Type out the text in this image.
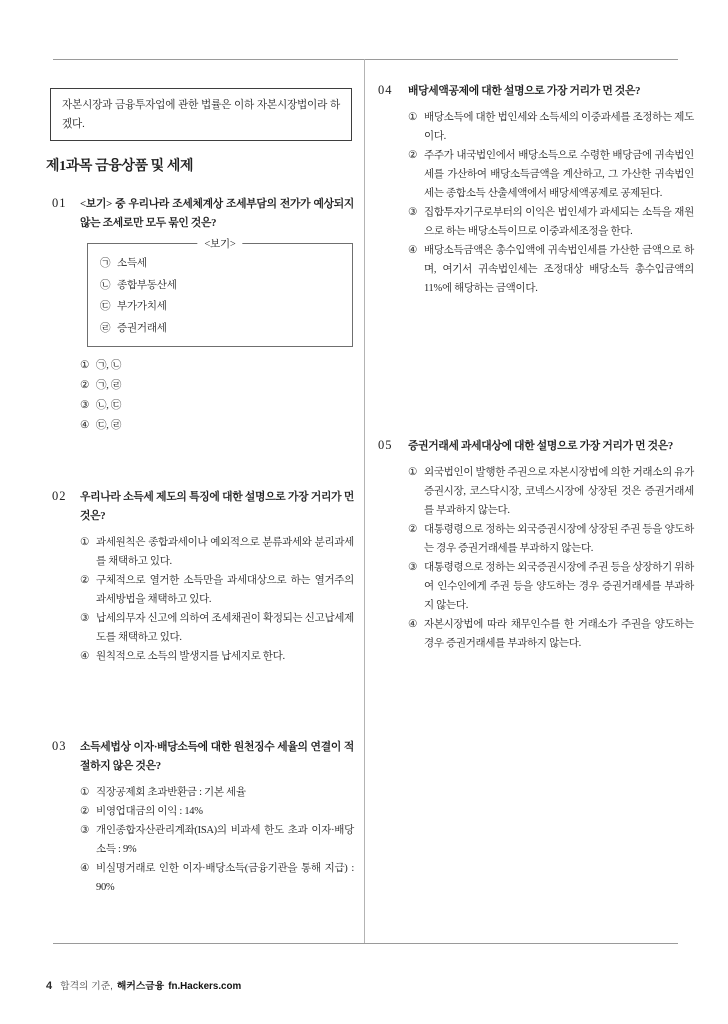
자본시장과 금융투자업에 관한 법률은 이하 자본시장법이라 하겠다.
제1과목 금융상품 및 세제
01 <보기> 중 우리나라 조세체계상 조세부담의 전가가 예상되지 않는 조세로만 모두 묶인 것은?

<보기>
㉠ 소득세
㉡ 종합부동산세
㉢ 부가가치세
㉣ 증권거래세
① ㉠, ㉡
② ㉠, ㉣
③ ㉡, ㉢
④ ㉢, ㉣
02 우리나라 소득세 제도의 특징에 대한 설명으로 가장 거리가 먼 것은?

① 과세원칙은 종합과세이나 예외적으로 분류과세와 분리과세를 채택하고 있다.
② 구체적으로 열거한 소득만을 과세대상으로 하는 열거주의 과세방법을 채택하고 있다.
③ 납세의무자 신고에 의하여 조세채권이 확정되는 신고납세제도를 채택하고 있다.
④ 원칙적으로 소득의 발생지를 납세지로 한다.
03 소득세법상 이자·배당소득에 대한 원천징수 세율의 연결이 적절하지 않은 것은?

① 직장공제회 초과반환금 : 기본 세율
② 비영업대금의 이익 : 14%
③ 개인종합자산관리계좌(ISA)의 비과세 한도 초과 이자·배당소득 : 9%
④ 비실명거래로 인한 이자·배당소득(금융기관을 통해 지급) : 90%
04 배당세액공제에 대한 설명으로 가장 거리가 먼 것은?

① 배당소득에 대한 법인세와 소득세의 이중과세를 조정하는 제도이다.
② 주주가 내국법인에서 배당소득으로 수령한 배당금에 귀속법인세를 가산하여 배당소득금액을 계산하고, 그 가산한 귀속법인세는 종합소득 산출세액에서 배당세액공제로 공제된다.
③ 집합투자기구로부터의 이익은 법인세가 과세되는 소득을 재원으로 하는 배당소득이므로 이중과세조정을 한다.
④ 배당소득금액은 총수입액에 귀속법인세를 가산한 금액으로 하며, 여기서 귀속법인세는 조정대상 배당소득 총수입금액의 11%에 해당하는 금액이다.
05 증권거래세 과세대상에 대한 설명으로 가장 거리가 먼 것은?

① 외국법인이 발행한 주권으로 자본시장법에 의한 거래소의 유가증권시장, 코스닥시장, 코넥스시장에 상장된 것은 증권거래세를 부과하지 않는다.
② 대통령령으로 정하는 외국증권시장에 상장된 주권 등을 양도하는 경우 증권거래세를 부과하지 않는다.
③ 대통령령으로 정하는 외국증권시장에 주권 등을 상장하기 위하여 인수인에게 주권 등을 양도하는 경우 증권거래세를 부과하지 않는다.
④ 자본시장법에 따라 채무인수를 한 거래소가 주권을 양도하는 경우 증권거래세를 부과하지 않는다.
4 합격의 기준, 해커스금융 fn.Hackers.com
